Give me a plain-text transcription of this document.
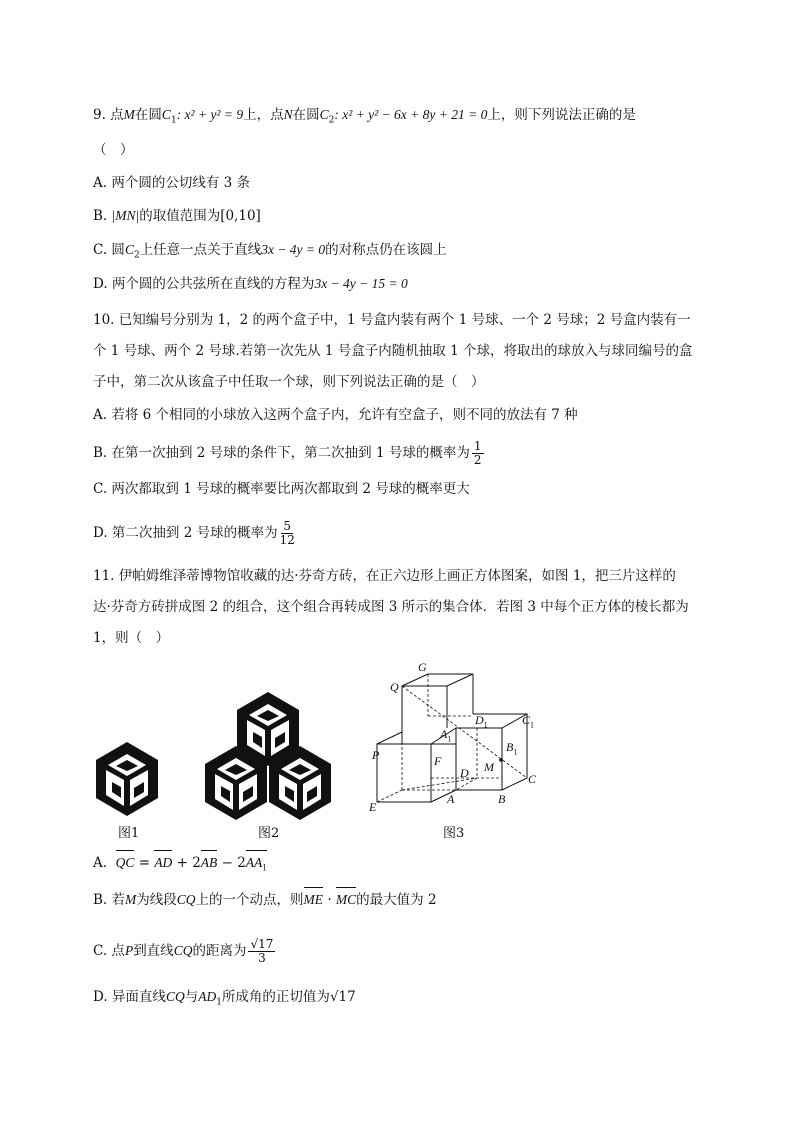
9. 点M在圆$C_1$: x² + y² = 9上，点N在圆$C_2$: x² + y² − 6x + 8y + 21 = 0上，则下列说法正确的是
（　）
A. 两个圆的公切线有 3 条
B. |MN|的取值范围为[0,10]
C. 圆$C_2$上任意一点关于直线3x − 4y = 0的对称点仍在该圆上
D. 两个圆的公共弦所在直线的方程为3x − 4y − 15 = 0
10. 已知编号分别为 1，2 的两个盒子中，1 号盒内装有两个 1 号球、一个 2 号球；2 号盒内装有一
个 1 号球、两个 2 号球.若第一次先从 1 号盒子内随机抽取 1 个球，将取出的球放入与球同编号的盒
子中，第二次从该盒子中任取一个球，则下列说法正确的是（　）
A. 若将 6 个相同的小球放入这两个盒子内，允许有空盒子，则不同的放法有 7 种
B. 在第一次抽到 2 号球的条件下，第二次抽到 1 号球的概率为 $\frac{1}{2}$
C. 两次都取到 1 号球的概率要比两次都取到 2 号球的概率更大
D. 第二次抽到 2 号球的概率为 $\frac{5}{12}$
11. 伊帕姆维泽蒂博物馆收藏的达·芬奇方砖，在正六边形上画正方体图案，如图 1，把三片这样的
达·芬奇方砖拼成图 2 的组合，这个组合再转成图 3 所示的集合体．若图 3 中每个正方体的棱长都为
1，则（　）
图1	图2
G
Q
$D_1$	$C_1$
$A_1$
$B_1$
P	F
D M
C
E
A	B
图3
A. QC = AD + $2AB - 2AA_1$
B. 若M为线段CQ上的一个动点，则ME · MC的最大值为 2
C. 点P到直线CQ的距离为 $\frac{√17}{3}$
D. 异面直线CQ与$AD_1$所成角的正切值为√17
